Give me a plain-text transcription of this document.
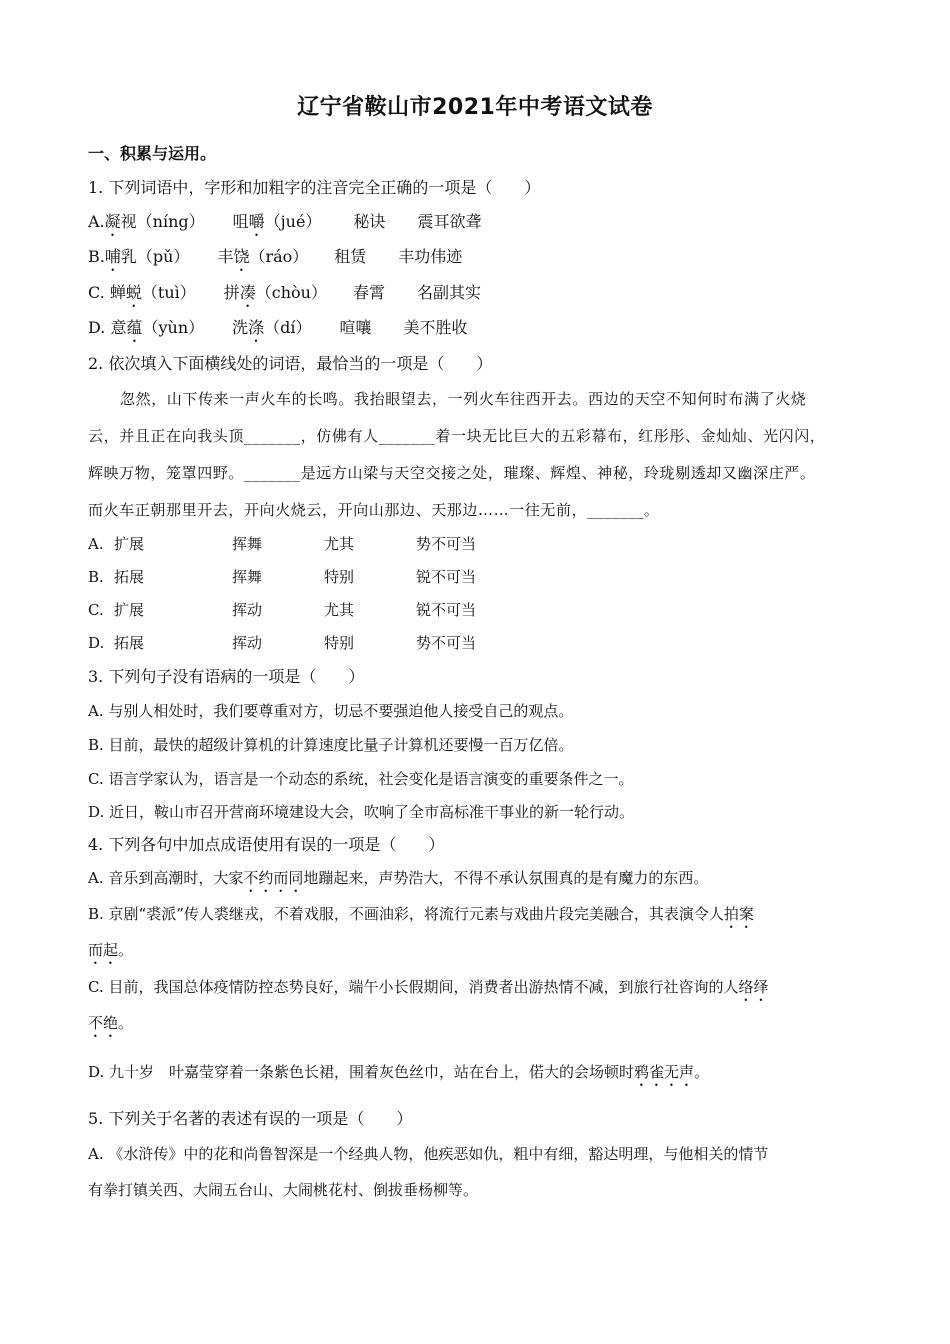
辽宁省鞍山市2021年中考语文试卷
一、积累与运用。
1. 下列词语中，字形和加粗字的注音完全正确的一项是（　　）
A.凝视（níng） 咀嚼（jué） 秘诀 震耳欲聋
B.哺乳（pǔ） 丰饶（ráo） 租赁 丰功伟迹
C. 蝉蜕（tuì） 拼凑（chòu） 春霄 名副其实
D. 意蕴（yùn） 洗涤（dí） 喧嚷 美不胜收
2. 依次填入下面横线处的词语，最恰当的一项是（　　）
忽然，山下传来一声火车的长鸣。我抬眼望去，一列火车往西开去。西边的天空不知何时布满了火烧
云，并且正在向我头顶_______，仿佛有人_______着一块无比巨大的五彩幕布，红彤彤、金灿灿、光闪闪，
辉映万物，笼罩四野。_______是远方山梁与天空交接之处，璀璨、辉煌、神秘，玲珑剔透却又幽深庄严。
而火车正朝那里开去，开向火烧云，开向山那边、天那边……一往无前，_______。
A. 扩展	挥舞	尤其	势不可当
B. 拓展	挥舞	特别	锐不可当
C. 扩展	挥动	尤其	锐不可当
D. 拓展	挥动	特别	势不可当
3. 下列句子没有语病的一项是（　　）
A. 与别人相处时，我们要尊重对方，切忌不要强迫他人接受自己的观点。
B. 目前，最快的超级计算机的计算速度比量子计算机还要慢一百万亿倍。
C. 语言学家认为，语言是一个动态的系统，社会变化是语言演变的重要条件之一。
D. 近日，鞍山市召开营商环境建设大会，吹响了全市高标准干事业的新一轮行动。
4. 下列各句中加点成语使用有误的一项是（　　）
A. 音乐到高潮时，大家不约而同地蹦起来，声势浩大，不得不承认氛围真的是有魔力的东西。
B. 京剧“裘派”传人裘继戎，不着戏服，不画油彩，将流行元素与戏曲片段完美融合，其表演令人拍案
而起。
C. 目前，我国总体疫情防控态势良好，端午小长假期间，消费者出游热情不减，到旅行社咨询的人络绎
不绝。
D. 九十岁　叶嘉莹穿着一条紫色长裙，围着灰色丝巾，站在台上，偌大的会场顿时鸦雀无声。
5. 下列关于名著的表述有误的一项是（　　）
A. 《水浒传》中的花和尚鲁智深是一个经典人物，他疾恶如仇，粗中有细，豁达明理，与他相关的情节
有拳打镇关西、大闹五台山、大闹桃花村、倒拔垂杨柳等。
